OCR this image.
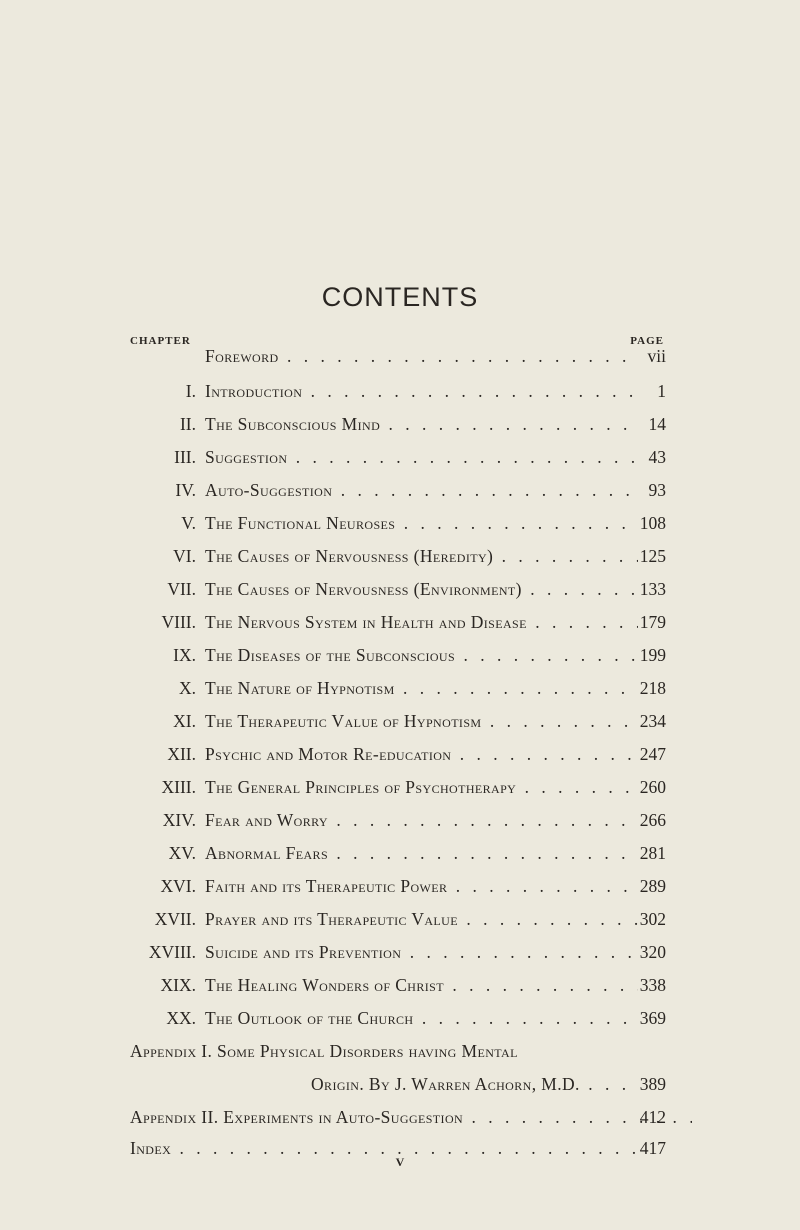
CONTENTS
CHAPTER	PAGE
Foreword . . .	vii
I. Introduction . . .	1
II. The Subconscious Mind . . .	14
III. Suggestion . . .	43
IV. Auto-Suggestion . . .	93
V. The Functional Neuroses . . .	108
VI. The Causes of Nervousness (Heredity) . . .	125
VII. The Causes of Nervousness (Environment) . . .	133
VIII. The Nervous System in Health and Disease . . .	179
IX. The Diseases of the Subconscious . . .	199
X. The Nature of Hypnotism . . .	218
XI. The Therapeutic Value of Hypnotism . . .	234
XII. Psychic and Motor Re-education . . .	247
XIII. The General Principles of Psychotherapy . . .	260
XIV. Fear and Worry . . .	266
XV. Abnormal Fears . . .	281
XVI. Faith and its Therapeutic Power . . .	289
XVII. Prayer and its Therapeutic Value . . .	302
XVIII. Suicide and its Prevention . . .	320
XIX. The Healing Wonders of Christ . . .	338
XX. The Outlook of the Church . . .	369
Appendix I. Some Physical Disorders having Mental
Origin. By J. Warren Achorn, M.D. . . .	389
Appendix II. Experiments in Auto-Suggestion . . .	412
Index . . .	417
V
